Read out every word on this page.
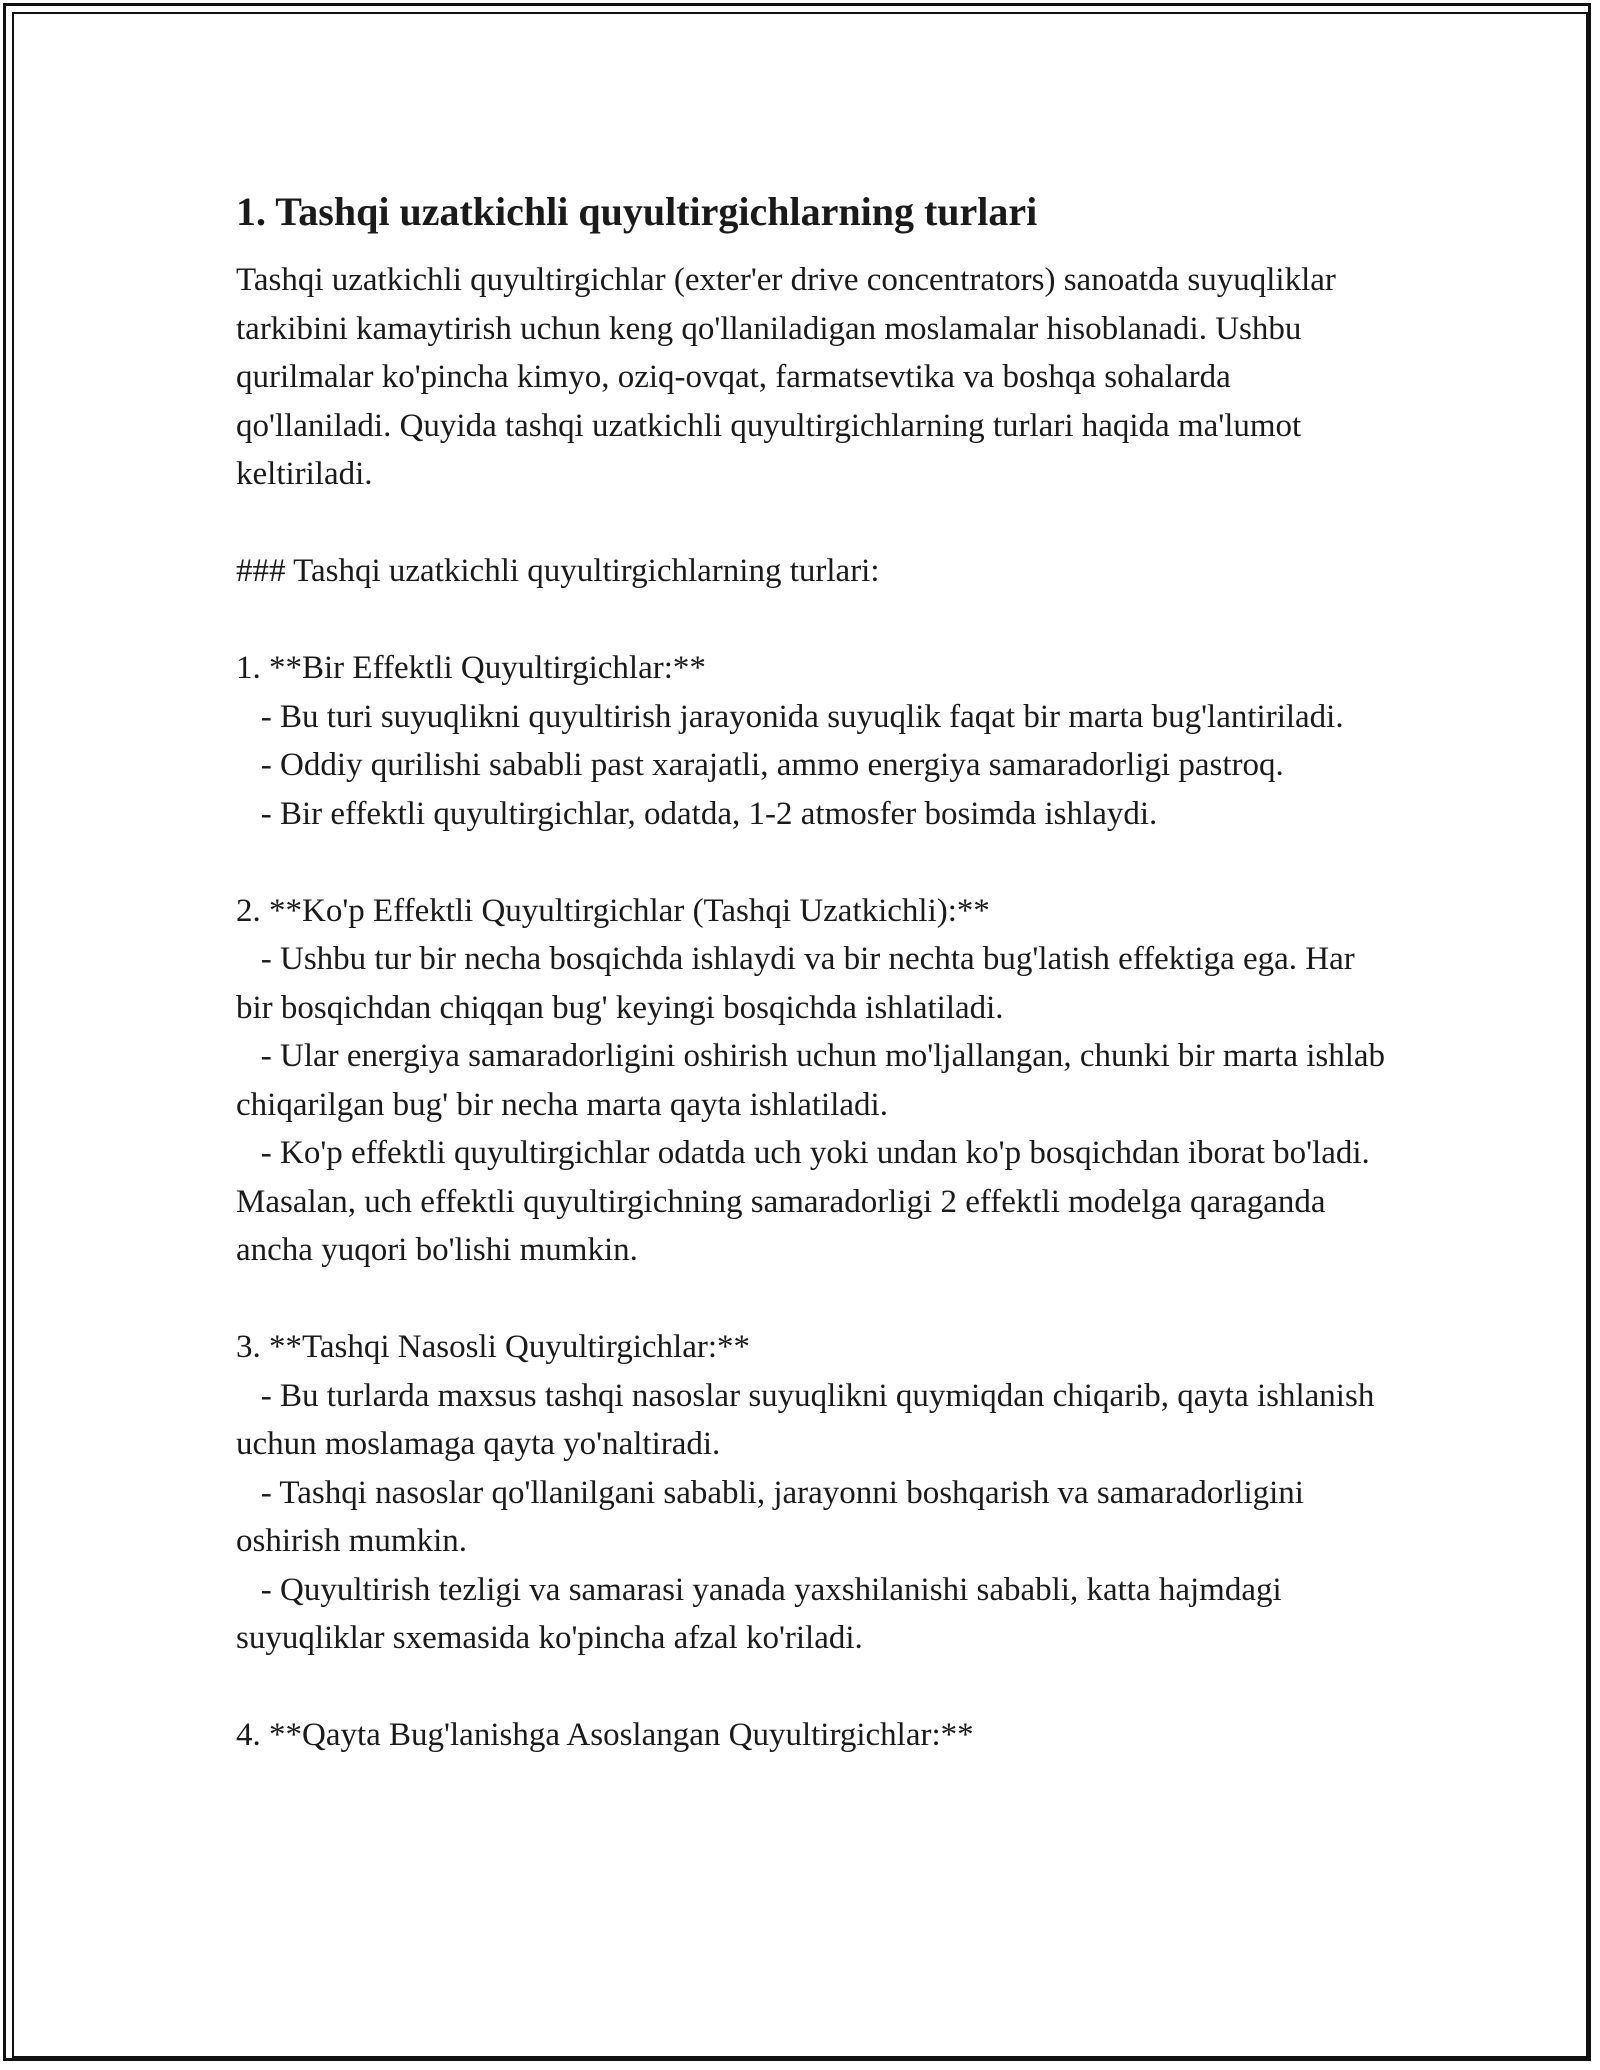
1. Tashqi uzatkichli quyultirgichlarning turlari

Tashqi uzatkichli quyultirgichlar (exter'er drive concentrators) sanoatda suyuqliklar tarkibini kamaytirish uchun keng qo'llaniladigan moslamalar hisoblanadi. Ushbu qurilmalar ko'pincha kimyo, oziq-ovqat, farmatsevtika va boshqa sohalarda qo'llaniladi. Quyida tashqi uzatkichli quyultirgichlarning turlari haqida ma'lumot keltiriladi.

### Tashqi uzatkichli quyultirgichlarning turlari:

1. **Bir Effektli Quyultirgichlar:**

- Bu turi suyuqlikni quyultirish jarayonida suyuqlik faqat bir marta bug'lantiriladi.

- Oddiy qurilishi sababli past xarajatli, ammo energiya samaradorligi pastroq.

- Bir effektli quyultirgichlar, odatda, 1-2 atmosfer bosimda ishlaydi.

2. **Ko'p Effektli Quyultirgichlar (Tashqi Uzatkichli):**

- Ushbu tur bir necha bosqichda ishlaydi va bir nechta bug'latish effektiga ega. Har bir bosqichdan chiqqan bug' keyingi bosqichda ishlatiladi.

- Ular energiya samaradorligini oshirish uchun mo'ljallangan, chunki bir marta ishlab chiqarilgan bug' bir necha marta qayta ishlatiladi.

- Ko'p effektli quyultirgichlar odatda uch yoki undan ko'p bosqichdan iborat bo'ladi. Masalan, uch effektli quyultirgichning samaradorligi 2 effektli modelga qaraganda ancha yuqori bo'lishi mumkin.

3. **Tashqi Nasosli Quyultirgichlar:**

- Bu turlarda maxsus tashqi nasoslar suyuqlikni quymiqdan chiqarib, qayta ishlanish uchun moslamaga qayta yo'naltiradi.

- Tashqi nasoslar qo'llanilgani sababli, jarayonni boshqarish va samaradorligini oshirish mumkin.

- Quyultirish tezligi va samarasi yanada yaxshilanishi sababli, katta hajmdagi suyuqliklar sxemasida ko'pincha afzal ko'riladi.

4. **Qayta Bug'lanishga Asoslangan Quyultirgichlar:**
